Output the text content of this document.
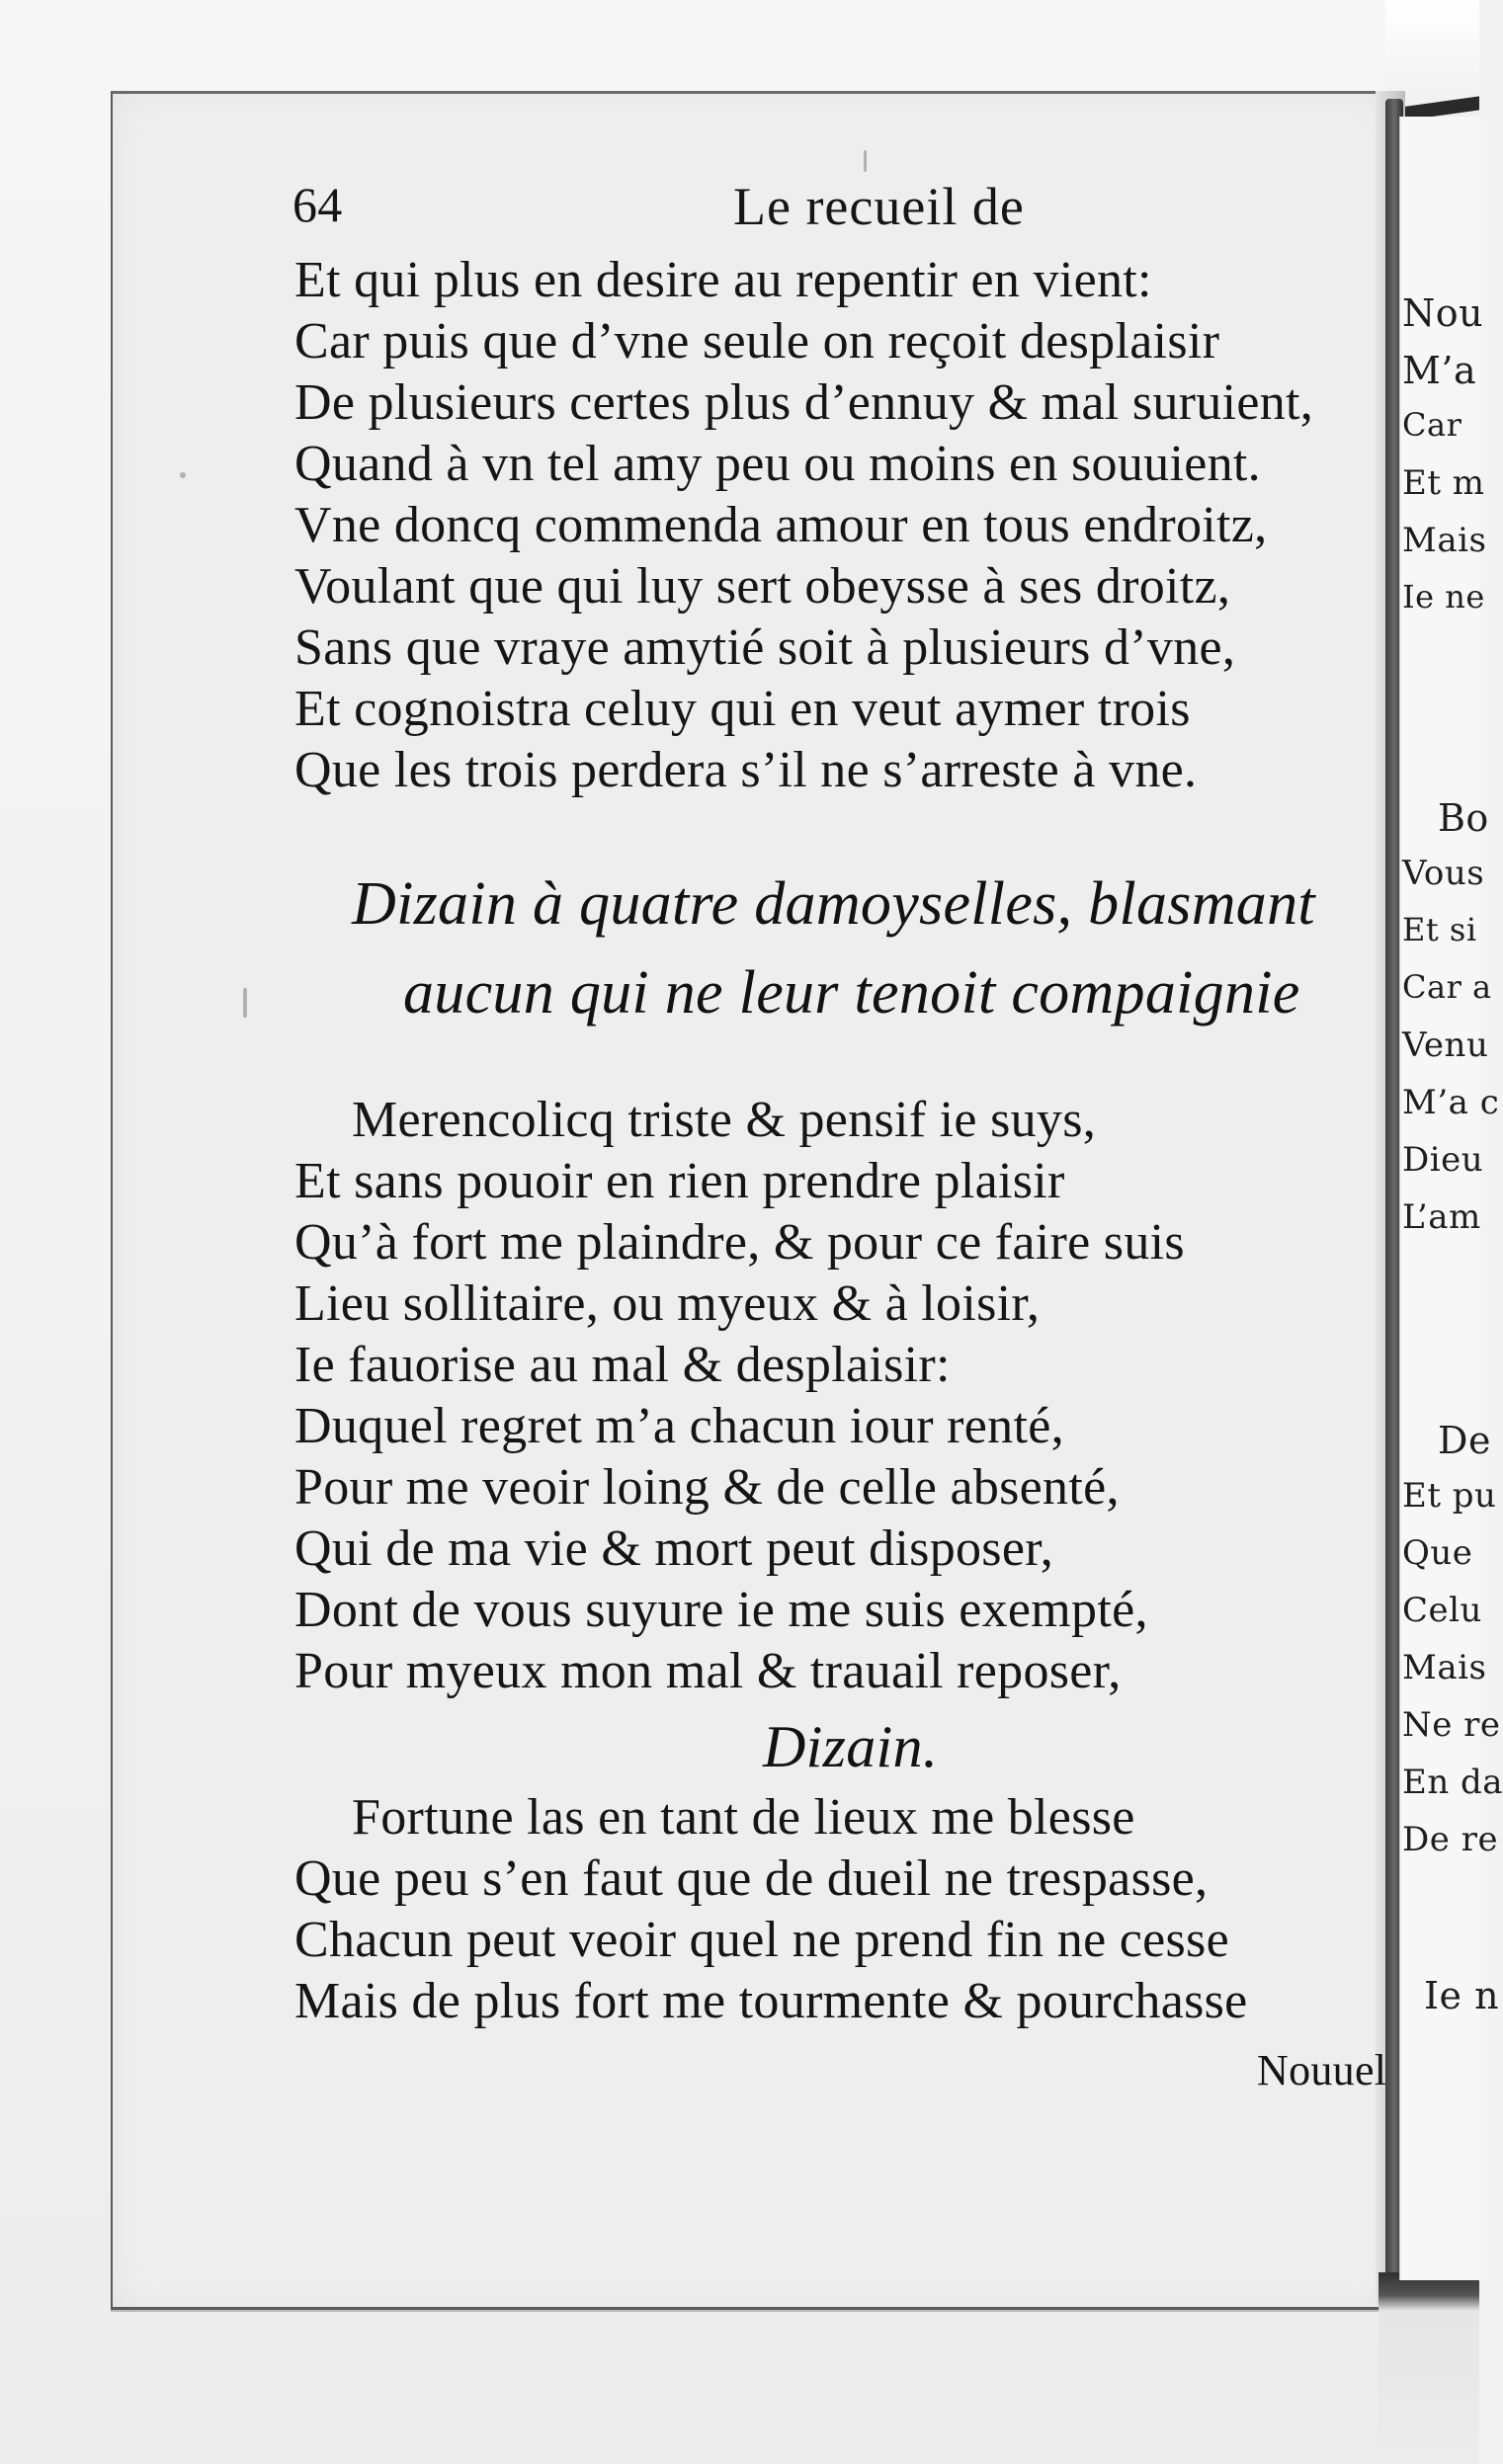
Nou
M’a
Car
Et m
Mais
Ie ne
Bo
Vous
Et si
Car a
Venu
M’a c
Dieu
L’am
De
Et pu
Que
Celu
Mais
Ne re
En da
De re
Ie n
64	Le recueil de
Et qui plus en desire au repentir en vient:
Car puis que d’vne seule on reçoit desplaisir
De plusieurs certes plus d’ennuy & mal suruient,
Quand à vn tel amy peu ou moins en souuient.
Vne doncq commenda amour en tous endroitz,
Voulant que qui luy sert obeysse à ses droitz,
Sans que vraye amytié soit à plusieurs d’vne,
Et cognoistra celuy qui en veut aymer trois
Que les trois perdera s’il ne s’arreste à vne.
Dizain à quatre damoyselles, blasmant
aucun qui ne leur tenoit compaignie
Merencolicq triste & pensif ie suys,
Et sans pouoir en rien prendre plaisir
Qu’à fort me plaindre, & pour ce faire suis
Lieu sollitaire, ou myeux & à loisir,
Ie fauorise au mal & desplaisir:
Duquel regret m’a chacun iour renté,
Pour me veoir loing & de celle absenté,
Qui de ma vie & mort peut disposer,
Dont de vous suyure ie me suis exempté,
Pour myeux mon mal & trauail reposer,
Dizain.
Fortune las en tant de lieux me blesse
Que peu s’en faut que de dueil ne trespasse,
Chacun peut veoir quel ne prend fin ne cesse
Mais de plus fort me tourmente & pourchasse
Nouuel
